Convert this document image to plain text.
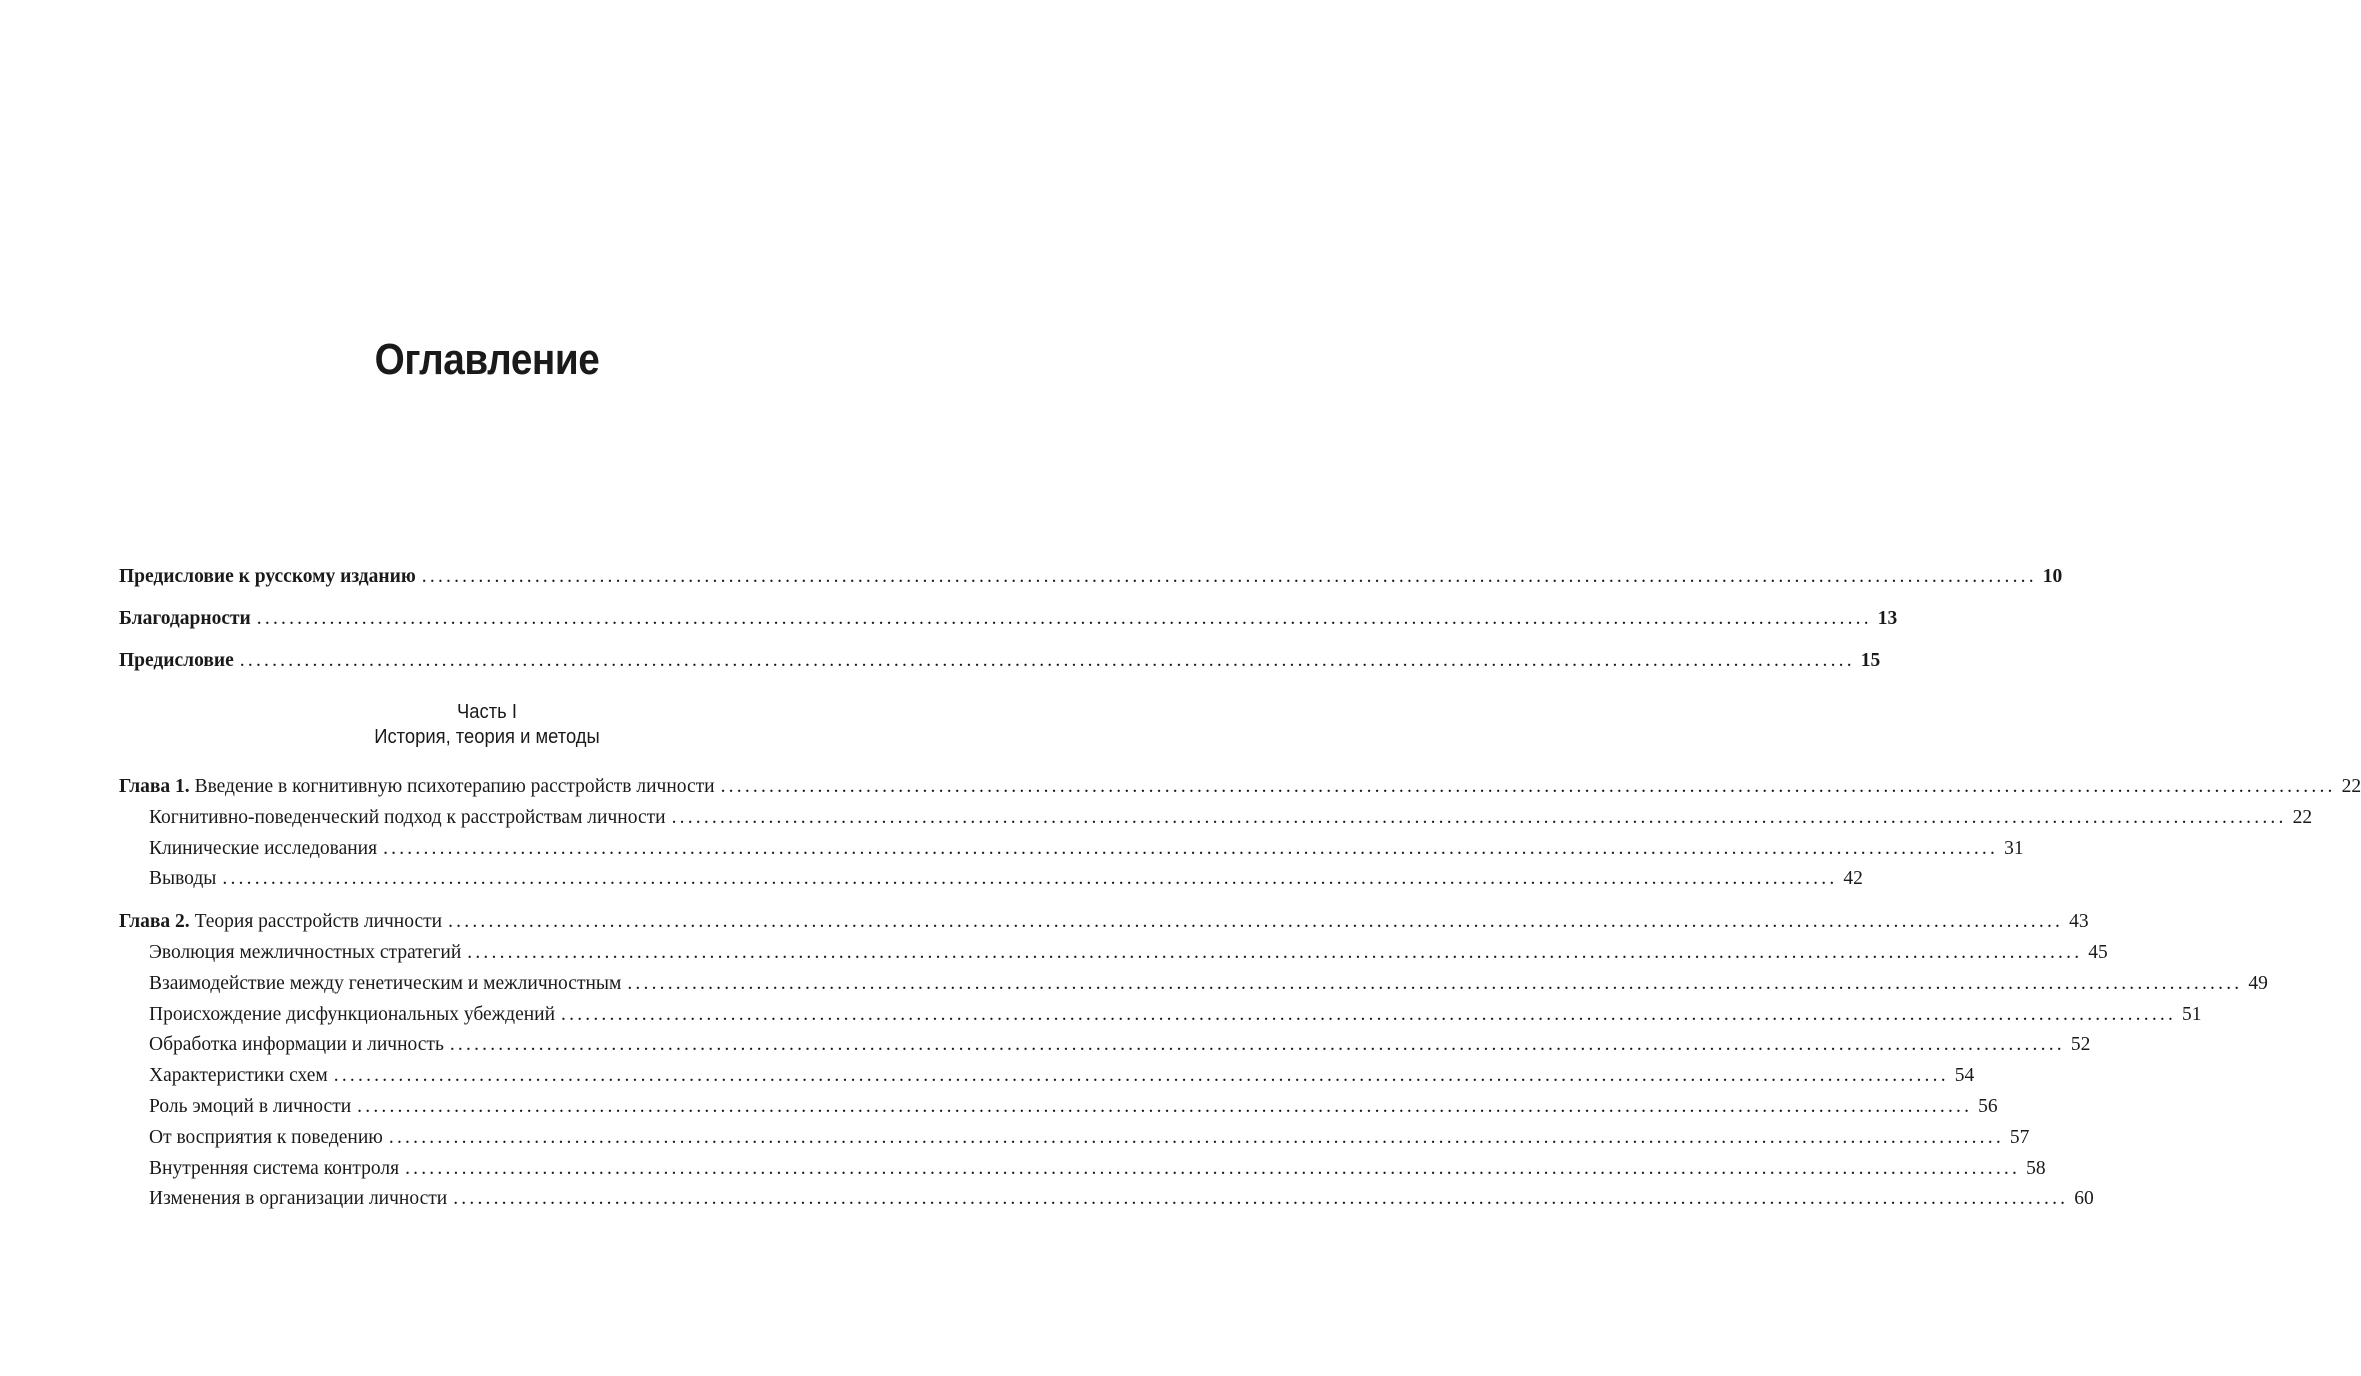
Оглавление
Предисловие к русскому изданию ........................................................................................................................................................................................................ 10
Благодарности ........................................................................................................................................................................................................ 13
Предисловие ........................................................................................................................................................................................................ 15
Часть I
История, теория и методы
Глава 1. Введение в когнитивную психотерапию расстройств личности ........................................................................................................................................................................................................ 22
Когнитивно-поведенческий подход к расстройствам личности ........................................................................................................................................................................................................ 22
Клинические исследования ........................................................................................................................................................................................................ 31
Выводы ........................................................................................................................................................................................................ 42
Глава 2. Теория расстройств личности ........................................................................................................................................................................................................ 43
Эволюция межличностных стратегий ........................................................................................................................................................................................................ 45
Взаимодействие между генетическим и межличностным ........................................................................................................................................................................................................ 49
Происхождение дисфункциональных убеждений ........................................................................................................................................................................................................ 51
Обработка информации и личность ........................................................................................................................................................................................................ 52
Характеристики схем ........................................................................................................................................................................................................ 54
Роль эмоций в личности ........................................................................................................................................................................................................ 56
От восприятия к поведению ........................................................................................................................................................................................................ 57
Внутренняя система контроля ........................................................................................................................................................................................................ 58
Изменения в организации личности ........................................................................................................................................................................................................ 60
